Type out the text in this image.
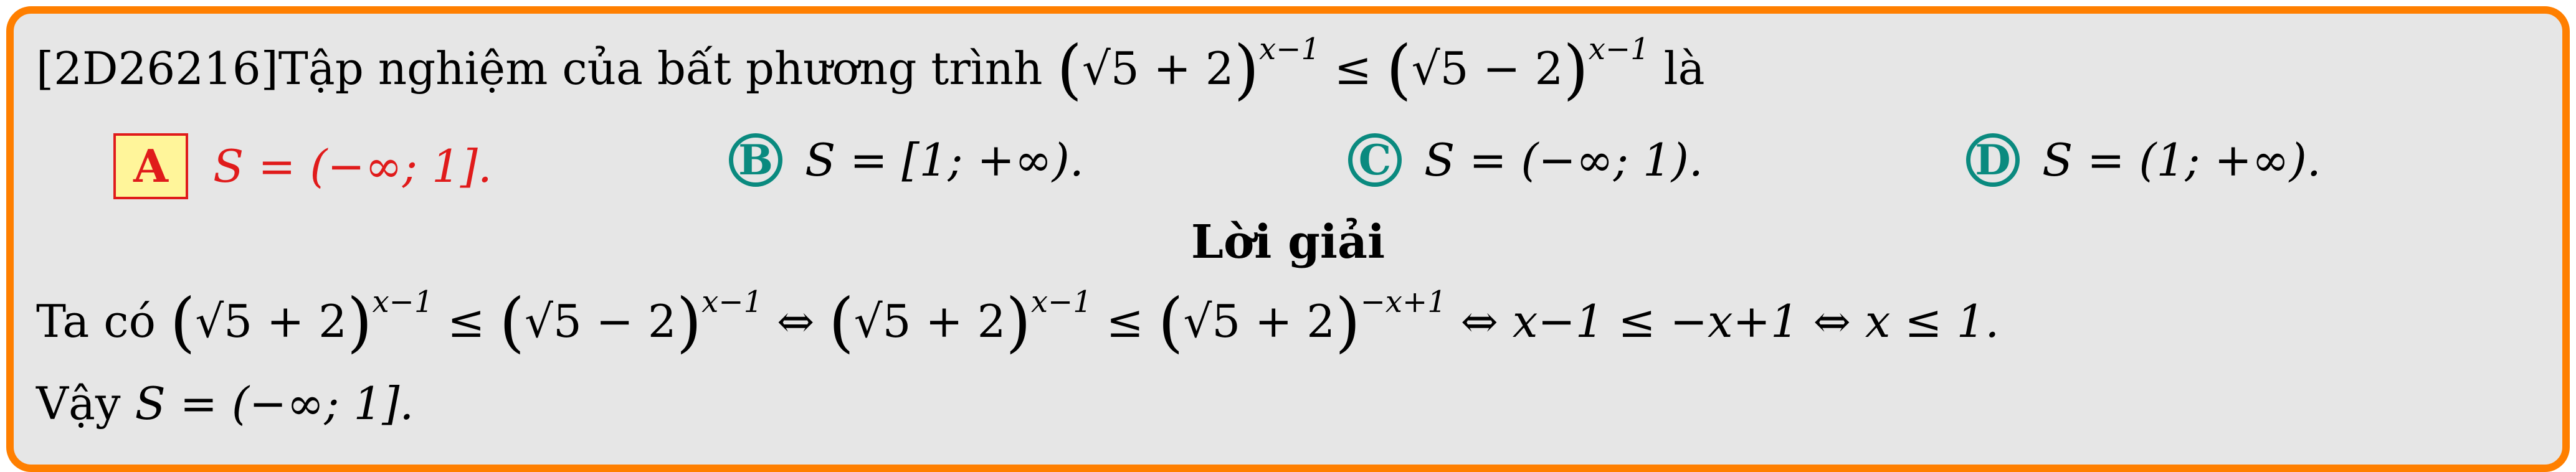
[2D26216]Tập nghiệm của bất phương trình $(√5 + 2)^{x-1} \le (√5 - 2)^{x-1}$ là
A	S = (−∞; 1].	B S = [1; +∞).	C S = (−∞; 1).	D S = (1; +∞).
Lời giải
Ta có $(√5 + 2)^{x-1} \le (√5 - 2)^{x-1}$ ⇔ $(√5 + 2)^{x-1} \le (√5 + 2)^{-x+1}$ ⇔ x−1 ≤ −x+1 ⇔ x ≤ 1.
Vậy S = (−∞; 1].
